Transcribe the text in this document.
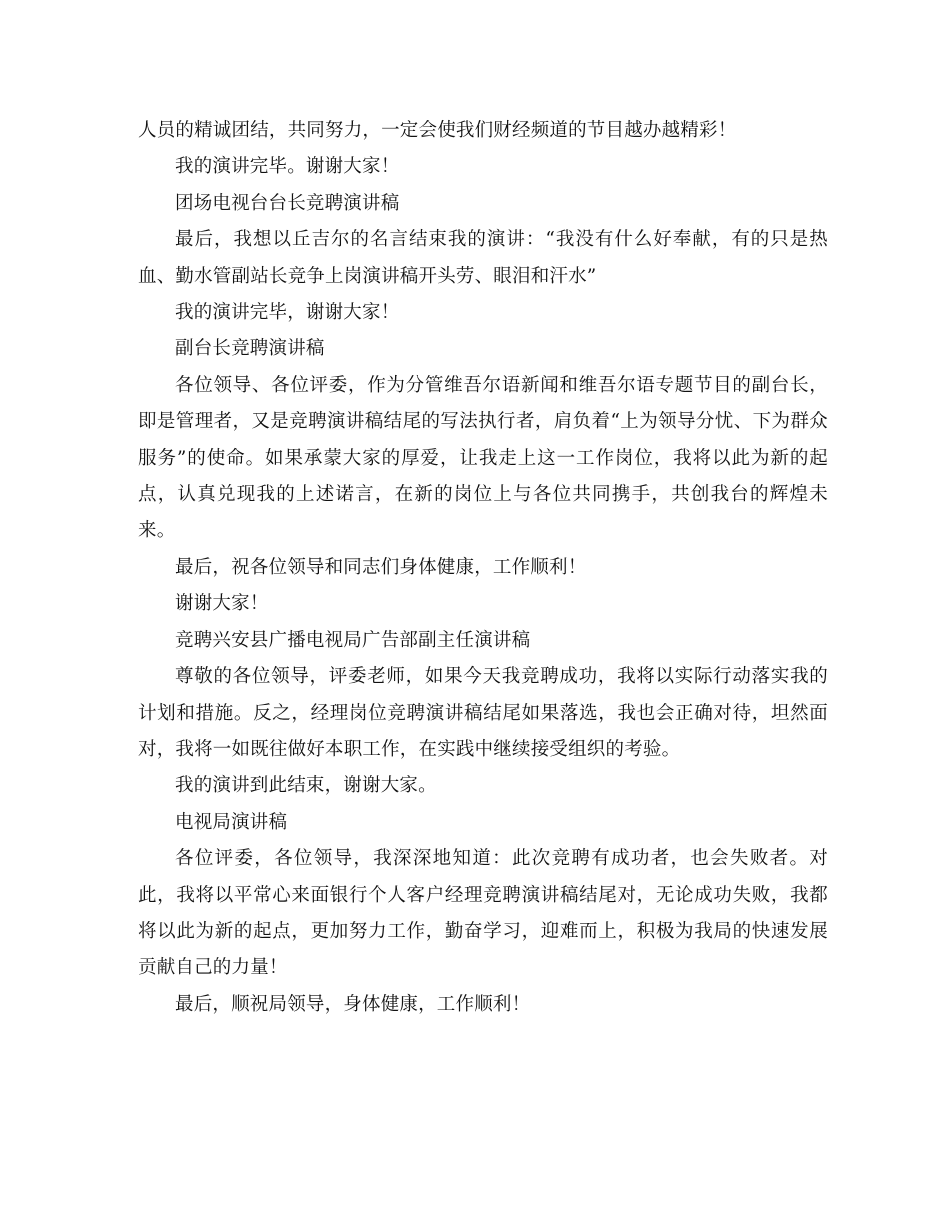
人员的精诚团结，共同努力，一定会使我们财经频道的节目越办越精彩！

我的演讲完毕。谢谢大家！

团场电视台台长竞聘演讲稿

最后，我想以丘吉尔的名言结束我的演讲：“我没有什么好奉献，有的只是热血、勤水管副站长竞争上岗演讲稿开头劳、眼泪和汗水”

我的演讲完毕，谢谢大家！

副台长竞聘演讲稿

各位领导、各位评委，作为分管维吾尔语新闻和维吾尔语专题节目的副台长，即是管理者，又是竞聘演讲稿结尾的写法执行者，肩负着“上为领导分忧、下为群众服务”的使命。如果承蒙大家的厚爱，让我走上这一工作岗位，我将以此为新的起点，认真兑现我的上述诺言，在新的岗位上与各位共同携手，共创我台的辉煌未来。

最后，祝各位领导和同志们身体健康，工作顺利！

谢谢大家！

竞聘兴安县广播电视局广告部副主任演讲稿

尊敬的各位领导，评委老师，如果今天我竞聘成功，我将以实际行动落实我的计划和措施。反之，经理岗位竞聘演讲稿结尾如果落选，我也会正确对待，坦然面对，我将一如既往做好本职工作，在实践中继续接受组织的考验。

我的演讲到此结束，谢谢大家。

电视局演讲稿

各位评委，各位领导，我深深地知道：此次竞聘有成功者，也会失败者。对此，我将以平常心来面银行个人客户经理竞聘演讲稿结尾对，无论成功失败，我都将以此为新的起点，更加努力工作，勤奋学习，迎难而上，积极为我局的快速发展贡献自己的力量！

最后，顺祝局领导，身体健康，工作顺利！
